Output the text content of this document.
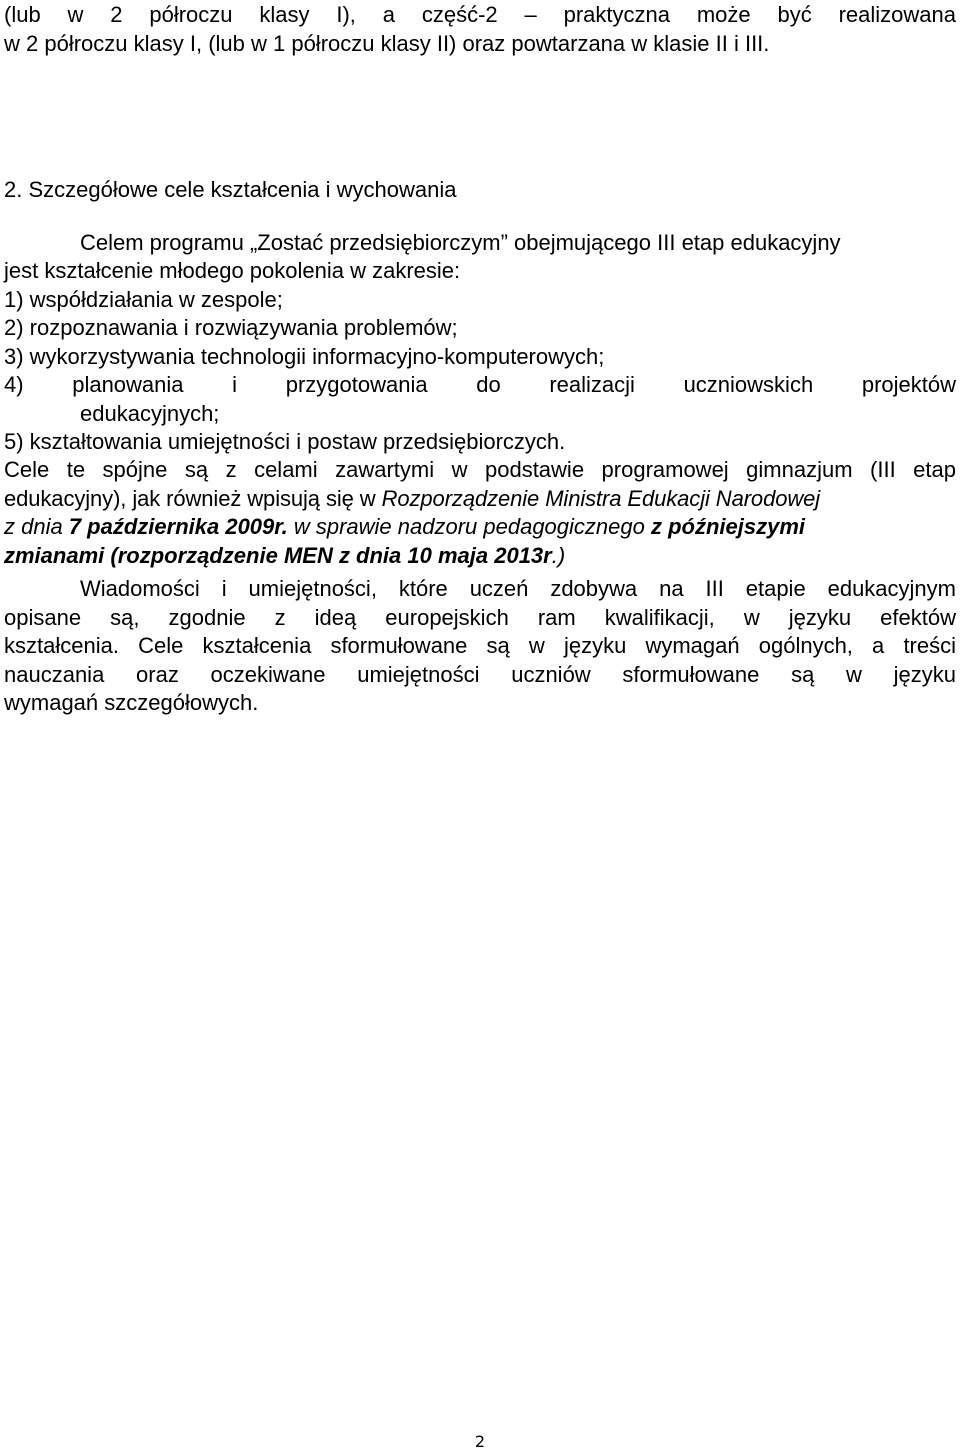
(lub w 2 półroczu klasy I), a część-2 – praktyczna może być realizowana
w 2 półroczu klasy I, (lub w 1 półroczu klasy II) oraz powtarzana w klasie II i III.
2. Szczegółowe cele kształcenia i wychowania
Celem programu „Zostać przedsiębiorczym” obejmującego III etap edukacyjny
jest kształcenie młodego pokolenia w zakresie:
1) współdziałania w zespole;
2) rozpoznawania i rozwiązywania problemów;
3) wykorzystywania technologii informacyjno-komputerowych;
4) planowania i przygotowania do realizacji uczniowskich projektów
edukacyjnych;
5) kształtowania umiejętności i postaw przedsiębiorczych.
Cele te spójne są z celami zawartymi w podstawie programowej gimnazjum (III etap
edukacyjny), jak również wpisują się w Rozporządzenie Ministra Edukacji Narodowej
z dnia 7 października 2009r. w sprawie nadzoru pedagogicznego z późniejszymi
zmianami (rozporządzenie MEN z dnia 10 maja 2013r.)
Wiadomości i umiejętności, które uczeń zdobywa na III etapie edukacyjnym
opisane są, zgodnie z ideą europejskich ram kwalifikacji, w języku efektów
kształcenia. Cele kształcenia sformułowane są w języku wymagań ogólnych, a treści
nauczania oraz oczekiwane umiejętności uczniów sformułowane są w języku
wymagań szczegółowych.
2
